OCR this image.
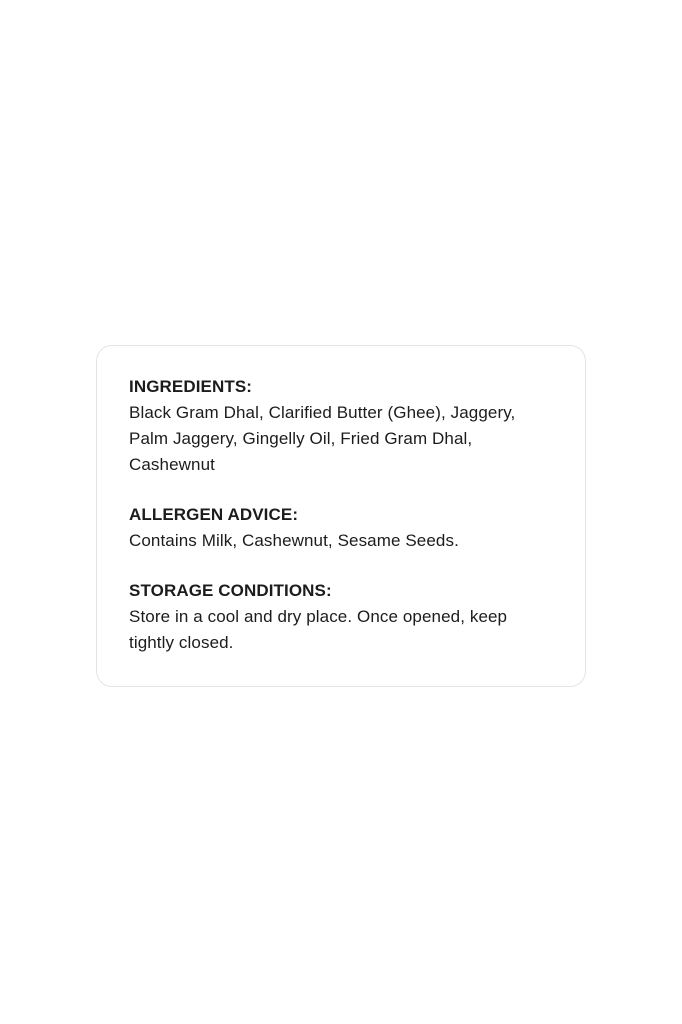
INGREDIENTS:
Black Gram Dhal, Clarified Butter (Ghee), Jaggery, Palm Jaggery, Gingelly Oil, Fried Gram Dhal, Cashewnut
ALLERGEN ADVICE:
Contains Milk, Cashewnut, Sesame Seeds.
STORAGE CONDITIONS:
Store in a cool and dry place. Once opened, keep tightly closed.
